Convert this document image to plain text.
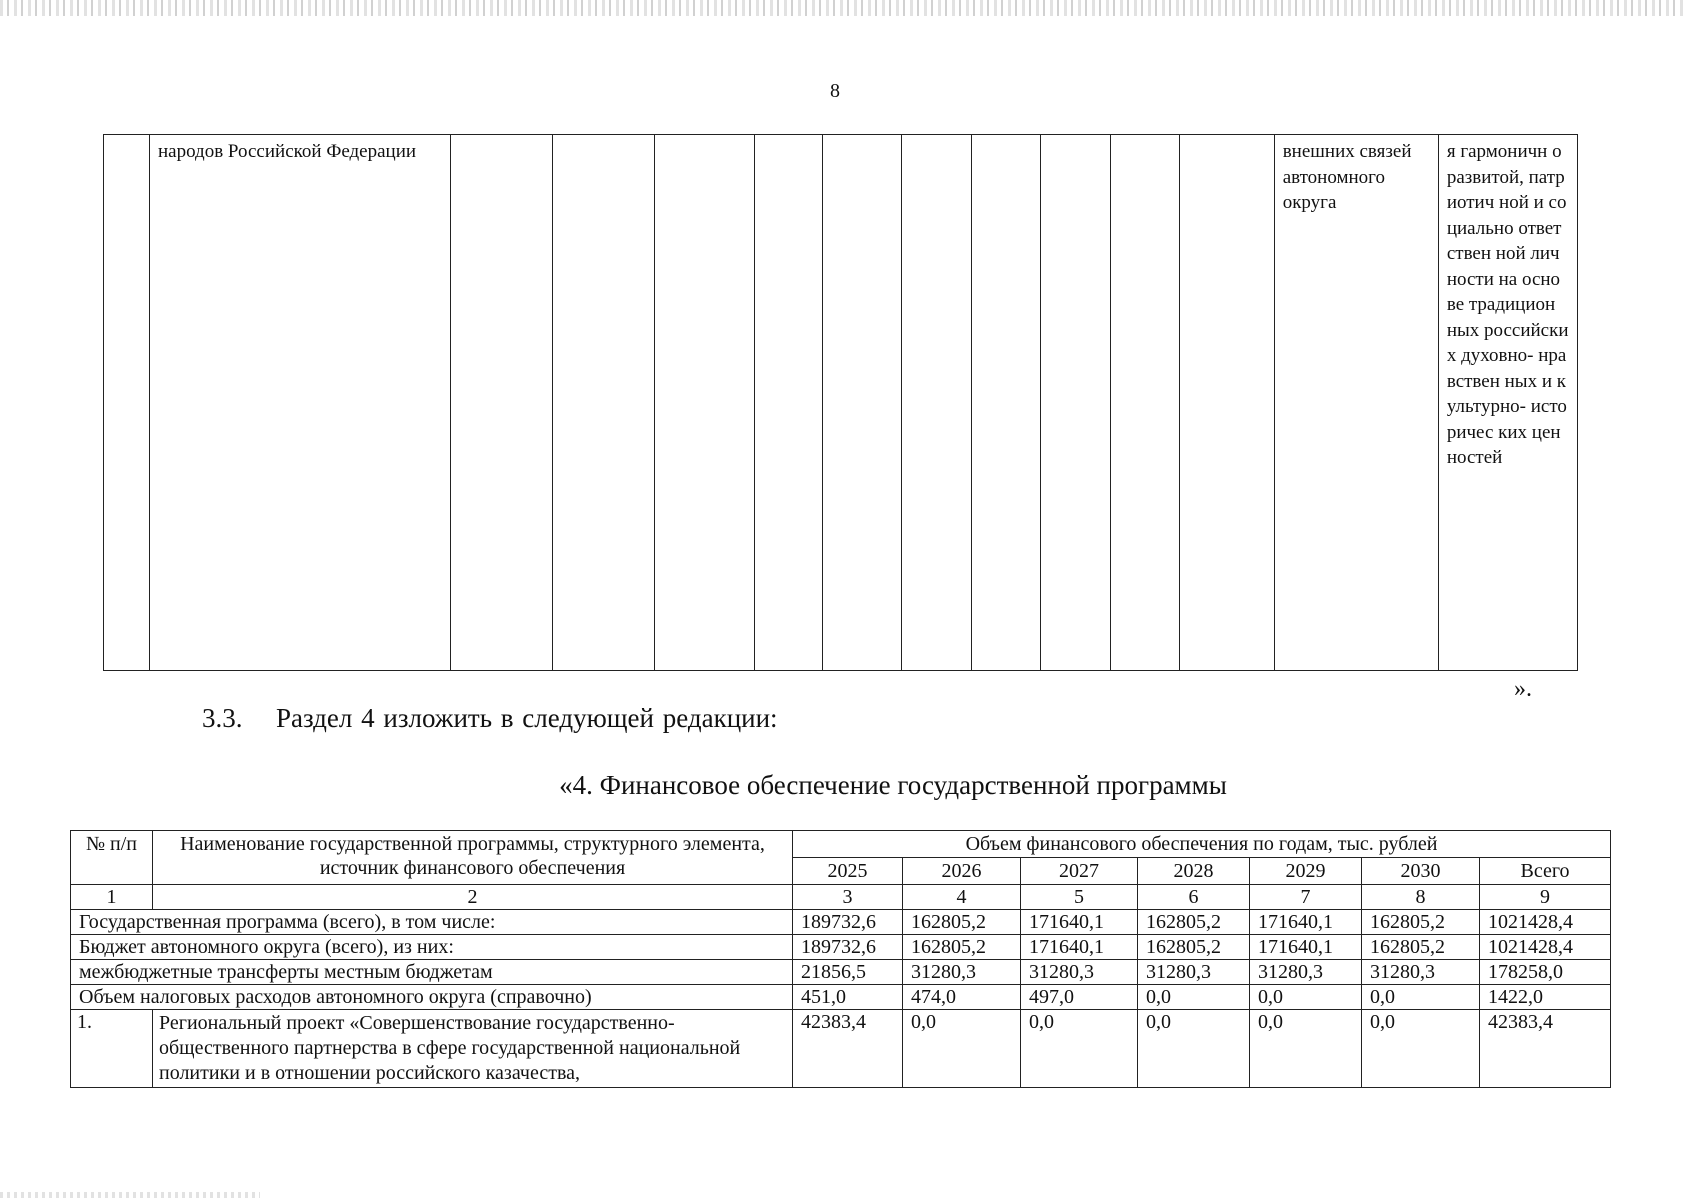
8
	народов Российской Федерации											внешних связей автономного округа	я гармоничн о развитой, патриотич ной и социально ответствен ной личности на основе традицион ных российски х духовно- нравствен ных и культурно- историчес ких ценностей
».
3.3. Раздел 4 изложить в следующей редакции:
«4. Финансовое обеспечение государственной программы
№ п/п	Наименование государственной программы, структурного элемента, источник финансового обеспечения	Объем финансового обеспечения по годам, тыс. рублей						
		2025	2026	2027	2028	2029	2030	Всего
1	2	3	4	5	6	7	8	9
Государственная программа (всего), в том числе:		189732,6	162805,2	171640,1	162805,2	171640,1	162805,2	1021428,4
Бюджет автономного округа (всего), из них:		189732,6	162805,2	171640,1	162805,2	171640,1	162805,2	1021428,4
межбюджетные трансферты местным бюджетам		21856,5	31280,3	31280,3	31280,3	31280,3	31280,3	178258,0
Объем налоговых расходов автономного округа (справочно)		451,0	474,0	497,0	0,0	0,0	0,0	1422,0
1.	Региональный проект «Совершенствование государственно-общественного партнерства в сфере государственной национальной политики и в отношении российского казачества,	42383,4	0,0	0,0	0,0	0,0	0,0	42383,4
